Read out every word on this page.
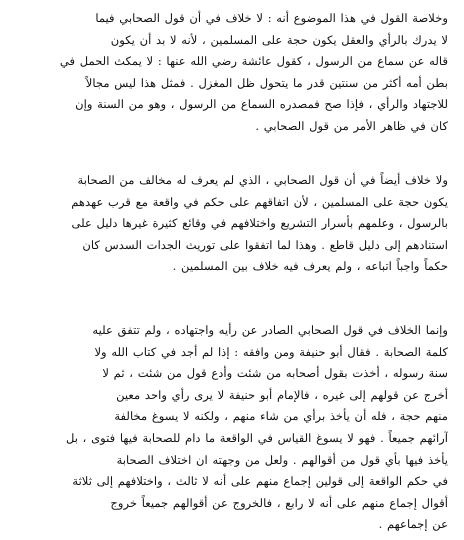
وخلاصة القول في هذا الموضوع أنه : لا خلاف في أن قول الصحابي فيما
لا يدرك بالرأي والعقل يكون حجة على المسلمين ، لأنه لا بد أن يكون
قاله عن سماع من الرسول ، كقول عائشة رضي الله عنها : لا يمكث الحمل في
بطن أمه أكثر من سنتين قدر ما يتحول ظل المغزل . فمثل هذا ليس مجالاً
للاجتهاد والرأي ، فإذا صح فمصدره السماع من الرسول ، وهو من السنة وإن
كان في ظاهر الأمر من قول الصحابي .
ولا خلاف أيضاً في أن قول الصحابي ، الذي لم يعرف له مخالف من الصحابة
يكون حجة على المسلمين ، لأن اتفاقهم على حكم في واقعة مع قرب عهدهم
بالرسول ، وعلمهم بأسرار التشريع واختلافهم في وقائع كثيرة غيرها دليل على
استنادهم إلى دليل قاطع . وهذا لما اتفقوا على توريث الجدات السدس كان
حكماً واجباً اتباعه ، ولم يعرف فيه خلاف بين المسلمين .
وإنما الخلاف في قول الصحابي الصادر عن رأيه واجتهاده ، ولم تتفق عليه
كلمة الصحابة . فقال أبو حنيفة ومن وافقه : إذا لم أجد في كتاب الله ولا
سنة رسوله ، أخذت بقول أصحابه من شئت وأدع قول من شئت ، ثم لا
أخرج عن قولهم إلى غيره ، فالإمام أبو حنيفة لا يرى رأي واحد معين
منهم حجة ، فله أن يأخذ برأي من شاء منهم ، ولكنه لا يسوغ مخالفة
آرائهم جميعاً . فهو لا يسوغ القياس في الواقعة ما دام للصحابة فيها فتوى ، بل
يأخذ فيها بأي قول من أقوالهم . ولعل من وجهته ان اختلاف الصحابة
في حكم الواقعة إلى قولين إجماع منهم على أنه لا ثالث ، واختلافهم إلى ثلاثة
أقوال إجماع منهم على أنه لا رابع ، فالخروج عن أقوالهم جميعاً خروج
عن إجماعهم .
